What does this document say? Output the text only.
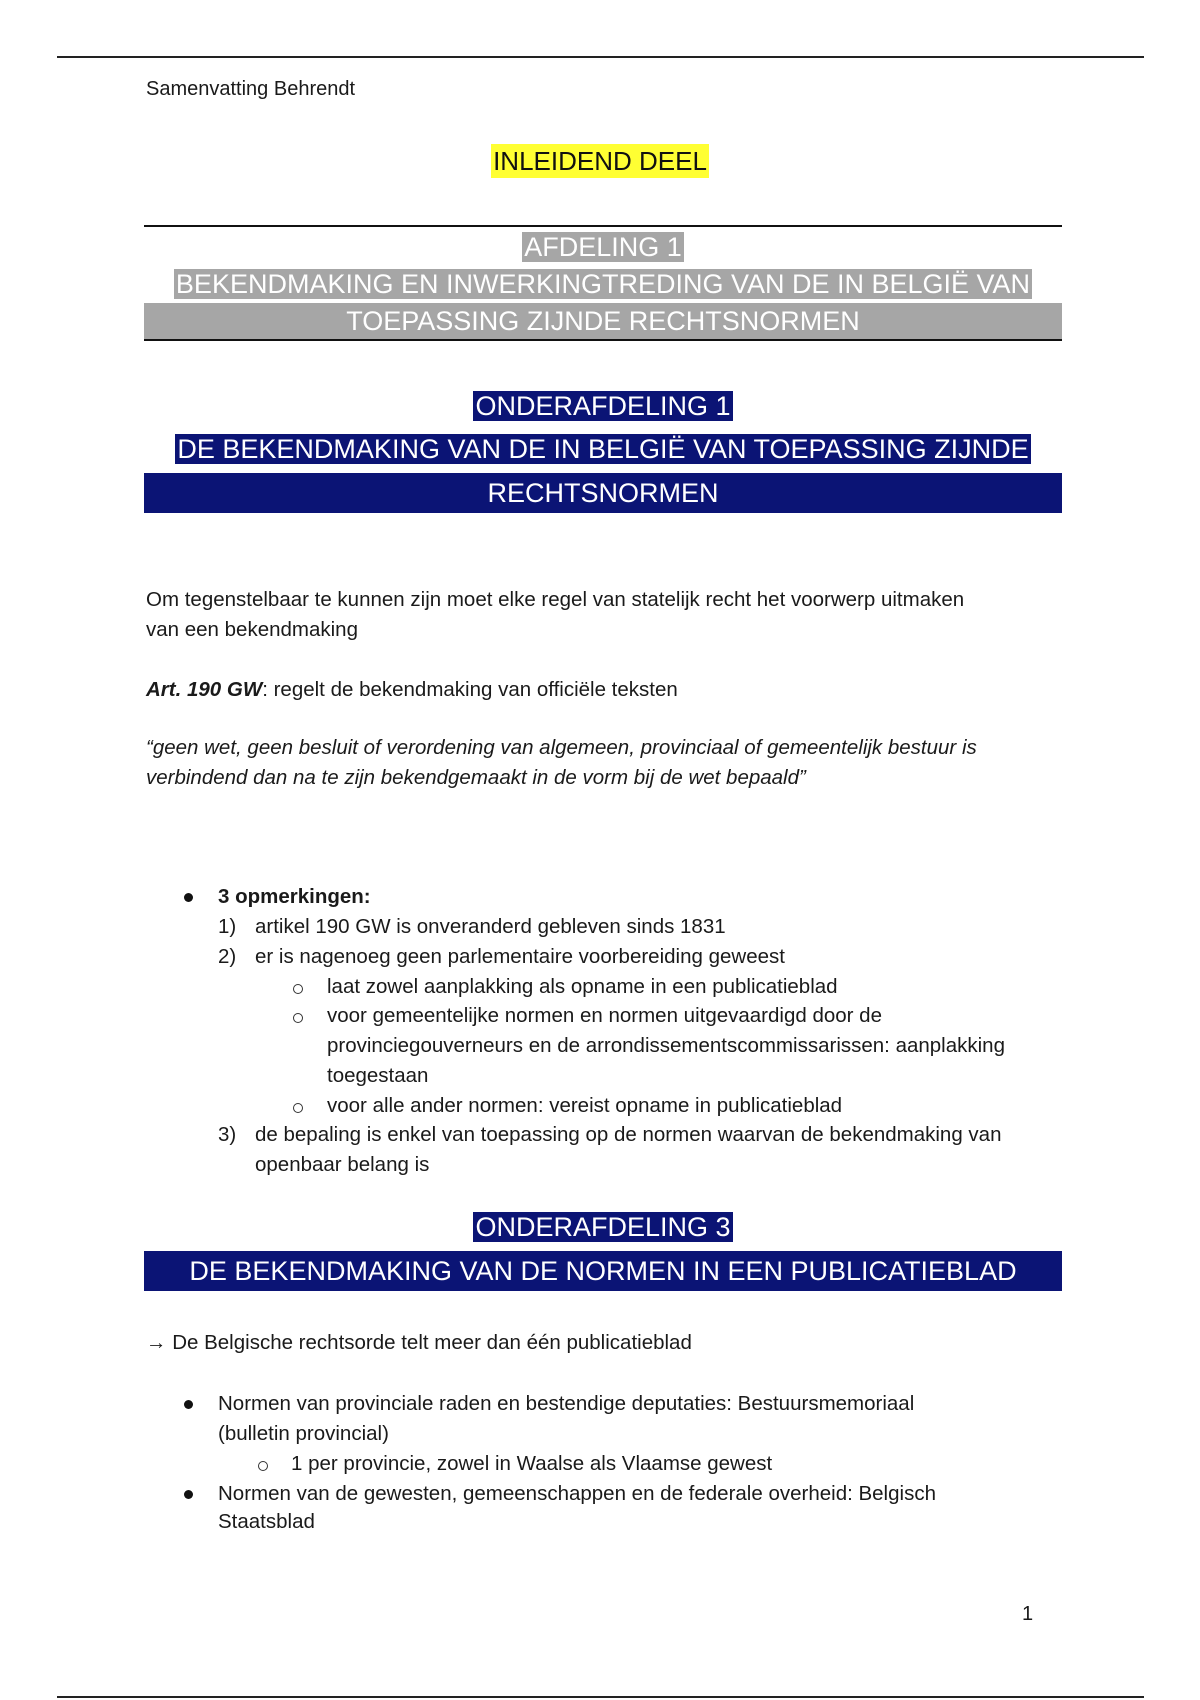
Samenvatting Behrendt
INLEIDEND DEEL
AFDELING 1
BEKENDMAKING EN INWERKINGTREDING VAN DE IN BELGIË VAN
TOEPASSING ZIJNDE RECHTSNORMEN
ONDERAFDELING 1
DE BEKENDMAKING VAN DE IN BELGIË VAN TOEPASSING ZIJNDE
RECHTSNORMEN
Om tegenstelbaar te kunnen zijn moet elke regel van statelijk recht het voorwerp uitmaken
van een bekendmaking
Art. 190 GW: regelt de bekendmaking van officiële teksten
“geen wet, geen besluit of verordening van algemeen, provinciaal of gemeentelijk bestuur is
verbindend dan na te zijn bekendgemaakt in de vorm bij de wet bepaald”
3 opmerkingen:
1) artikel 190 GW is onveranderd gebleven sinds 1831
2) er is nagenoeg geen parlementaire voorbereiding geweest
laat zowel aanplakking als opname in een publicatieblad
voor gemeentelijke normen en normen uitgevaardigd door de
provinciegouverneurs en de arrondissementscommissarissen: aanplakking
toegestaan
voor alle ander normen: vereist opname in publicatieblad
3) de bepaling is enkel van toepassing op de normen waarvan de bekendmaking van
openbaar belang is
ONDERAFDELING 3
DE BEKENDMAKING VAN DE NORMEN IN EEN PUBLICATIEBLAD
→ De Belgische rechtsorde telt meer dan één publicatieblad
Normen van provinciale raden en bestendige deputaties: Bestuursmemoriaal
(bulletin provincial)
1 per provincie, zowel in Waalse als Vlaamse gewest
Normen van de gewesten, gemeenschappen en de federale overheid: Belgisch
Staatsblad
1
